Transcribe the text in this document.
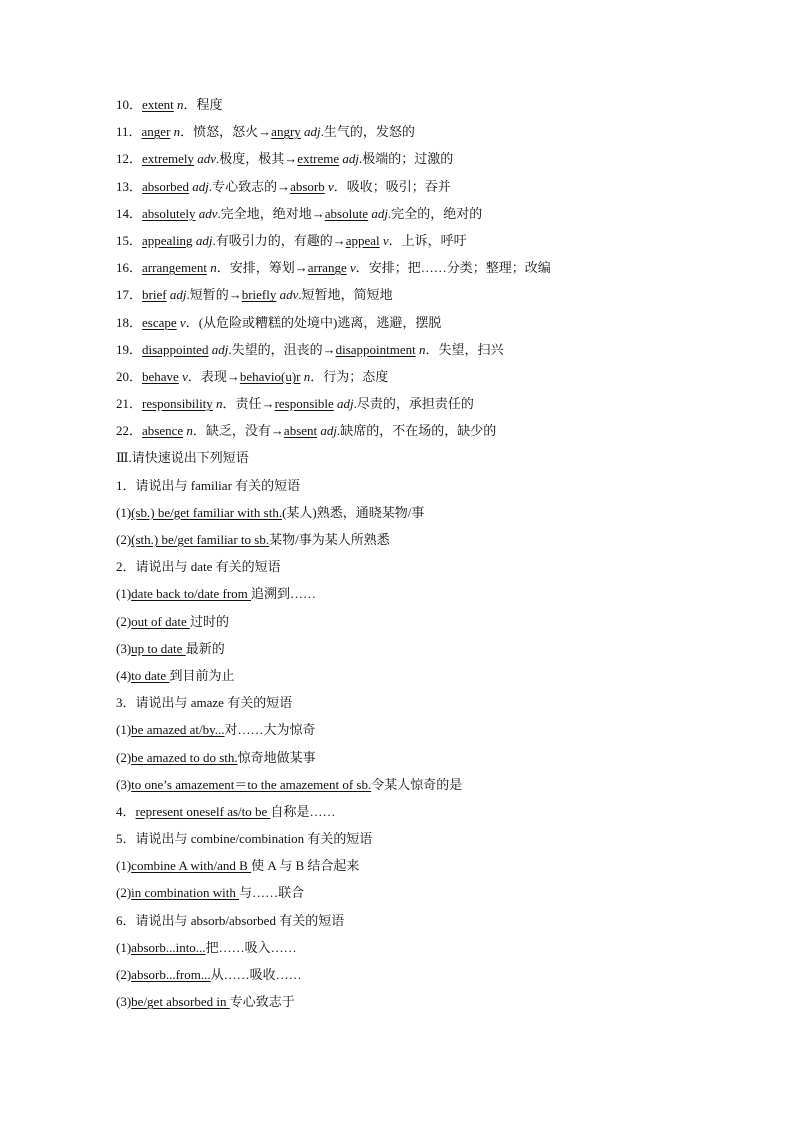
10．extent n．程度
11．anger n．愤怒，怒火→angry adj.生气的，发怒的
12．extremely adv.极度，极其→extreme adj.极端的；过激的
13．absorbed adj.专心致志的→absorb v．吸收；吸引；吞并
14．absolutely adv.完全地，绝对地→absolute adj.完全的，绝对的
15．appealing adj.有吸引力的，有趣的→appeal v．上诉，呼吁
16．arrangement n．安排，筹划→arrange v．安排；把……分类；整理；改编
17．brief adj.短暂的→briefly adv.短暂地，简短地
18．escape v．(从危险或糟糕的处境中)逃离，逃避，摆脱
19．disappointed adj.失望的，沮丧的→disappointment n．失望，扫兴
20．behave v．表现→behavio(u)r n．行为；态度
21．responsibility n．责任→responsible adj.尽责的，承担责任的
22．absence n．缺乏，没有→absent adj.缺席的，不在场的，缺少的
Ⅲ.请快速说出下列短语
1．请说出与 familiar 有关的短语
(1)(sb.) be/get familiar with sth.(某人)熟悉，通晓某物/事
(2)(sth.) be/get familiar to sb.某物/事为某人所熟悉
2．请说出与 date 有关的短语
(1)date back to/date from 追溯到……
(2)out of date 过时的
(3)up to date 最新的
(4)to date 到目前为止
3．请说出与 amaze 有关的短语
(1)be amazed at/by...对……大为惊奇
(2)be amazed to do sth.惊奇地做某事
(3)to one’s amazement＝to the amazement of sb.令某人惊奇的是
4．represent oneself as/to be 自称是……
5．请说出与 combine/combination 有关的短语
(1)combine A with/and B 使 A 与 B 结合起来
(2)in combination with 与……联合
6．请说出与 absorb/absorbed 有关的短语
(1)absorb...into...把……吸入……
(2)absorb...from...从……吸收……
(3)be/get absorbed in 专心致志于
